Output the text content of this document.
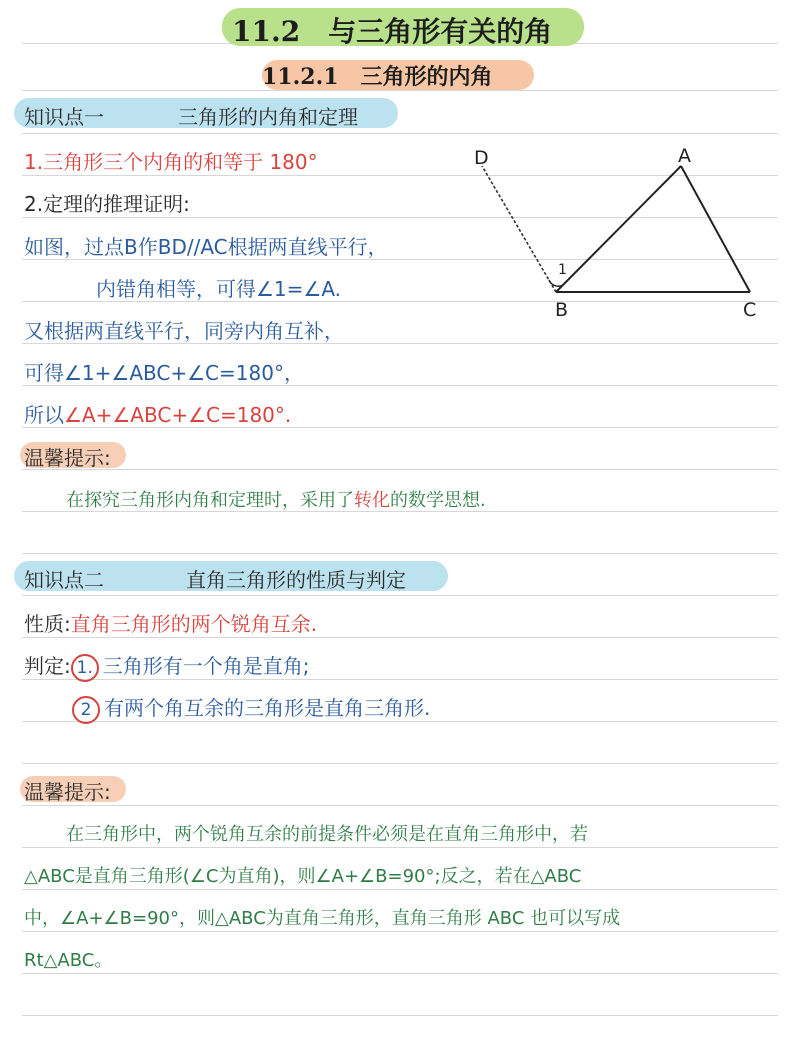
11.2　与三角形有关的角
11.2.1　三角形的内角
知识点一	三角形的内角和定理
1.三角形三个内角的和等于 180°
2.定理的推理证明:
如图，过点B作BD//AC根据两直线平行，
内错角相等，可得∠1=∠A.
又根据两直线平行，同旁内角互补，
可得∠1+∠ABC+∠C=180°，
所以∠A+∠ABC+∠C=180°.
D	A
1
B	C
温馨提示:
在探究三角形内角和定理时，采用了转化的数学思想.
知识点二	直角三角形的性质与判定
性质:直角三角形的两个锐角互余.
判定: 1. 三角形有一个角是直角;
2 有两个角互余的三角形是直角三角形.
温馨提示:
在三角形中，两个锐角互余的前提条件必须是在直角三角形中，若
△ABC是直角三角形(∠C为直角)，则∠A+∠B=90°;反之，若在△ABC
中，∠A+∠B=90°，则△ABC为直角三角形，直角三角形 ABC 也可以写成
Rt△ABC。
